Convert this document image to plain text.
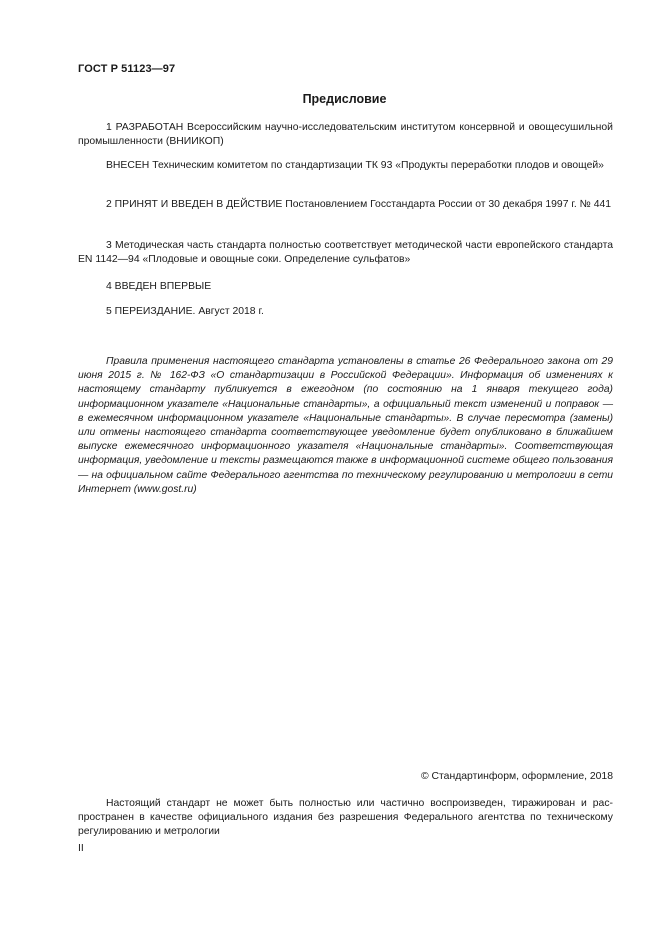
ГОСТ Р 51123—97
Предисловие

1 РАЗРАБОТАН Всероссийским научно-исследовательским институтом консервной и овощесушильной промышленности (ВНИИКОП)

ВНЕСЕН Техническим комитетом по стандартизации ТК 93 «Продукты переработки плодов и овощей»

2 ПРИНЯТ И ВВЕДЕН В ДЕЙСТВИЕ Постановлением Госстандарта России от 30 декабря 1997 г. № 441

3 Методическая часть стандарта полностью соответствует методической части европейского стандарта EN 1142—94 «Плодовые и овощные соки. Определение сульфатов»

4 ВВЕДЕН ВПЕРВЫЕ

5 ПЕРЕИЗДАНИЕ. Август 2018 г.

Правила применения настоящего стандарта установлены в статье 26 Федерального закона от 29 июня 2015 г. № 162-ФЗ «О стандартизации в Российской Федерации». Информация об изменениях к настоящему стандарту публикуется в ежегодном (по состоянию на 1 января текущего года) информационном указателе «Национальные стандарты», а официальный текст изменений и поправок — в ежемесячном информационном указателе «Национальные стандарты». В случае пересмотра (замены) или отмены настоящего стандарта соответствующее уведомление будет опубликовано в ближайшем выпуске ежемесячного информационного указателя «Национальные стандарты». Соответствующая информация, уведомление и тексты размещаются также в информационной системе общего пользования — на официальном сайте Федерального агентства по техническому регулированию и метрологии в сети Интернет (www.gost.ru)

© Стандартинформ, оформление, 2018

Настоящий стандарт не может быть полностью или частично воспроизведен, тиражирован и распространен в качестве официального издания без разрешения Федерального агентства по техническому регулированию и метрологии

II
